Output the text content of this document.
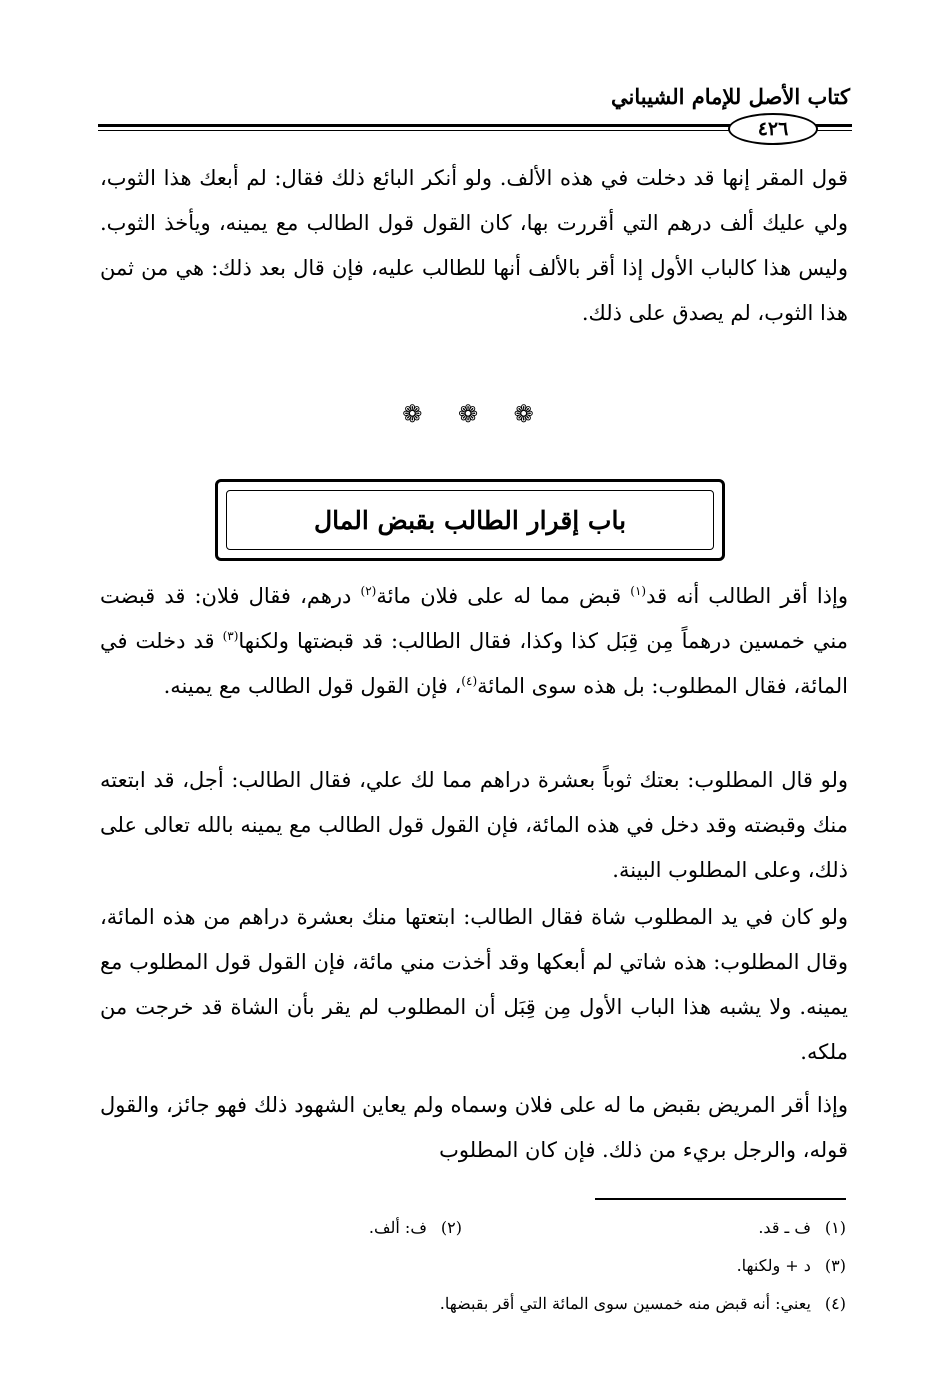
كتاب الأصل للإمام الشيباني
٤٢٦
قول المقر إنها قد دخلت في هذه الألف. ولو أنكر البائع ذلك فقال: لم أبعك هذا الثوب، ولي عليك ألف درهم التي أقررت بها، كان القول قول الطالب مع يمينه، ويأخذ الثوب. وليس هذا كالباب الأول إذا أقر بالألف أنها للطالب عليه، فإن قال بعد ذلك: هي من ثمن هذا الثوب، لم يصدق على ذلك.
❁ ❁ ❁
باب إقرار الطالب بقبض المال
وإذا أقر الطالب أنه قد$^{(١)}$ قبض مما له على فلان مائة$^{(٢)}$ درهم، فقال فلان: قد قبضت مني خمسين درهماً مِن قِبَل كذا وكذا، فقال الطالب: قد قبضتها ولكنها$^{(٣)}$ قد دخلت في المائة، فقال المطلوب: بل هذه سوى المائة$^{(٤)}$، فإن القول قول الطالب مع يمينه.
ولو قال المطلوب: بعتك ثوباً بعشرة دراهم مما لك علي، فقال الطالب: أجل، قد ابتعته منك وقبضته وقد دخل في هذه المائة، فإن القول قول الطالب مع يمينه بالله تعالى على ذلك، وعلى المطلوب البينة.
ولو كان في يد المطلوب شاة فقال الطالب: ابتعتها منك بعشرة دراهم من هذه المائة، وقال المطلوب: هذه شاتي لم أبعكها وقد أخذت مني مائة، فإن القول قول المطلوب مع يمينه. ولا يشبه هذا الباب الأول مِن قِبَل أن المطلوب لم يقر بأن الشاة قد خرجت من ملكه.
وإذا أقر المريض بقبض ما له على فلان وسماه ولم يعاين الشهود ذلك فهو جائز، والقول قوله، والرجل بريء من ذلك. فإن كان المطلوب
(١)ف ـ قد.
(٢)ف: ألف.
(٣)د + ولكنها.
(٤)يعني: أنه قبض منه خمسين سوى المائة التي أقر بقبضها.
